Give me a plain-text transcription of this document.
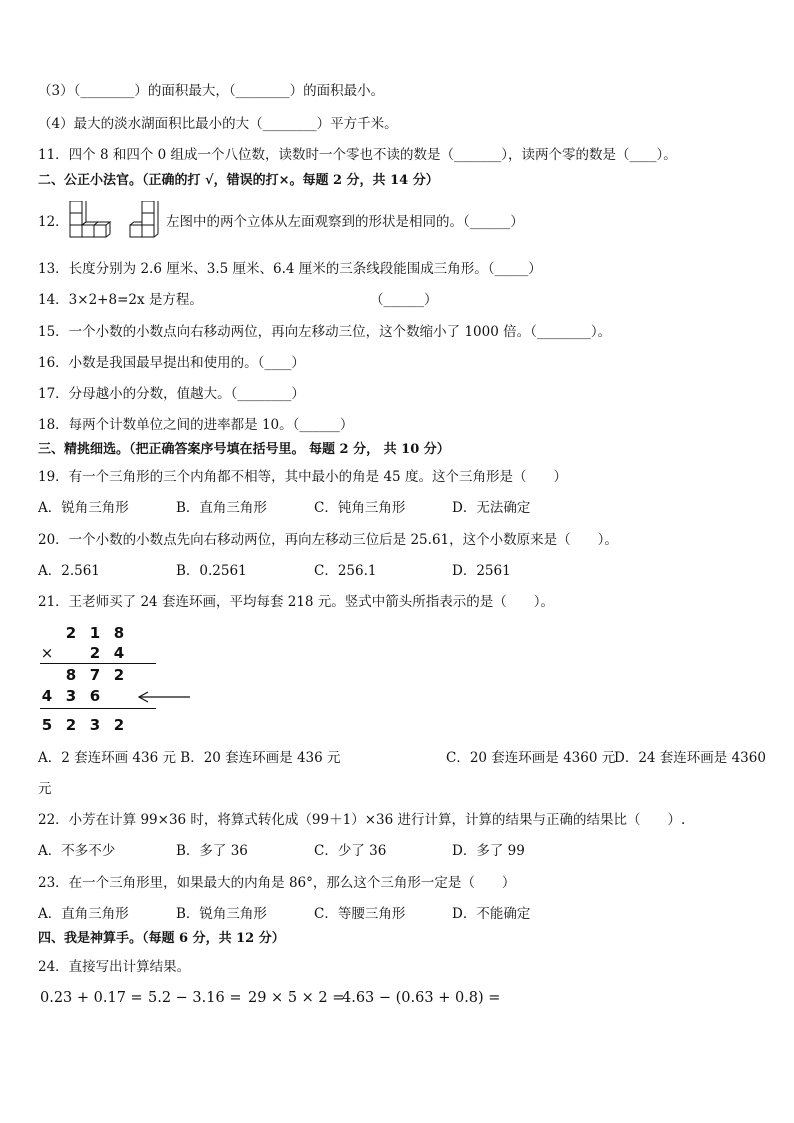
（3）（________）的面积最大，（________）的面积最小。
（4）最大的淡水湖面积比最小的大（________）平方千米。
11．四个 8 和四个 0 组成一个八位数，读数时一个零也不读的数是（_______），读两个零的数是（____）。
二、公正小法官。（正确的打 √，错误的打×。每题 2 分，共 14 分）
12．	左图中的两个立体从左面观察到的形状是相同的。（______）
13．长度分别为 2.6 厘米、3.5 厘米、6.4 厘米的三条线段能围成三角形。（_____）
14．3×2+8=2x 是方程。	（______）
15．一个小数的小数点向右移动两位，再向左移动三位，这个数缩小了 1000 倍。（________）。
16．小数是我国最早提出和使用的。（____）
17．分母越小的分数，值越大。（________）
18．每两个计数单位之间的进率都是 10。（______）
三、精挑细选。（把正确答案序号填在括号里。 每题 2 分， 共 10 分）
19．有一个三角形的三个内角都不相等，其中最小的角是 45 度。这个三角形是（　　）
A．锐角三角形	B．直角三角形	C．钝角三角形	D．无法确定
20．一个小数的小数点先向右移动两位，再向左移动三位后是 25.61，这个小数原来是（　　）。
A．2.561	B．0.2561	C．256.1	D．2561
21．王老师买了 24 套连环画，平均每套 218 元。竖式中箭头所指表示的是（　　）。
2 1 8
× 2 4
8 7 2
4 3 6
5 2 3 2
A．2 套连环画 436 元 B．20 套连环画是 436 元	C．20 套连环画是 4360 元
D．24 套连环画是 4360
元
22．小芳在计算 99×36 时，将算式转化成（99＋1）×36 进行计算，计算的结果与正确的结果比（　　）.
A．不多不少	B．多了 36	C．少了 36	D．多了 99
23．在一个三角形里，如果最大的内角是 86°，那么这个三角形一定是（　　）
A．直角三角形	B．锐角三角形	C．等腰三角形	D．不能确定
四、我是神算手。（每题 6 分，共 12 分）
24．直接写出计算结果。
0.23 + 0.17 = 5.2 − 3.16 = 29 × 5 × 2 =
4.63 − (0.63 + 0.8) =
